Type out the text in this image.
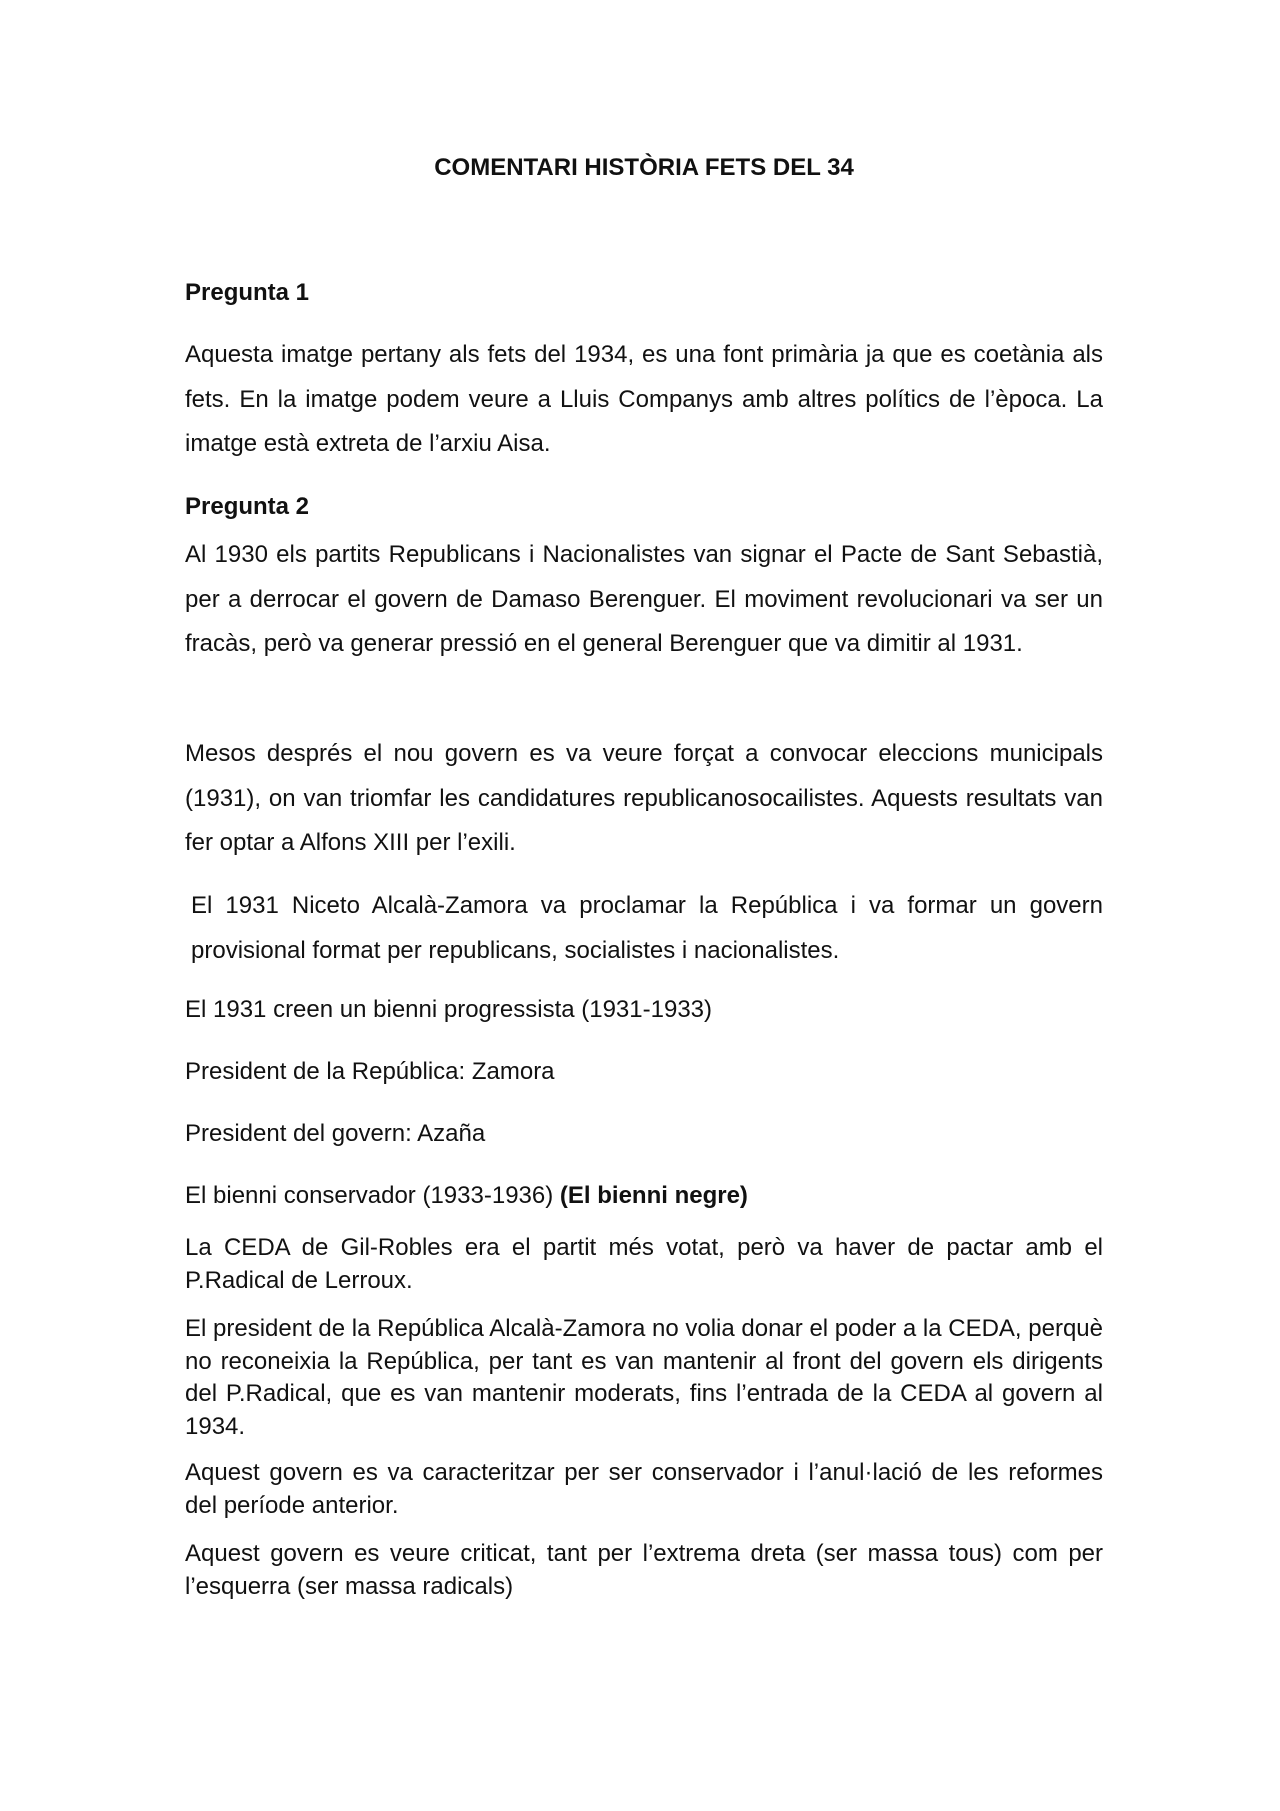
COMENTARI HISTÒRIA FETS DEL 34
Pregunta 1
Aquesta imatge pertany als fets del 1934, es una font primària ja que es coetània als fets. En la imatge podem veure a Lluis Companys amb altres polítics de l’època. La imatge està extreta de l’arxiu Aisa.
Pregunta 2
Al 1930 els partits Republicans i Nacionalistes van signar el Pacte de Sant Sebastià, per a derrocar el govern de Damaso Berenguer. El moviment revolucionari va ser un fracàs, però va generar pressió en el general Berenguer que va dimitir al 1931.
Mesos després el nou govern es va veure forçat a convocar eleccions municipals (1931), on van triomfar les candidatures republicanosocailistes. Aquests resultats van fer optar a Alfons XIII per l’exili.
El 1931 Niceto Alcalà-Zamora va proclamar la República i va formar un govern provisional format per republicans, socialistes i nacionalistes.
El 1931 creen un bienni progressista (1931-1933)
President de la República: Zamora
President del govern: Azaña
El bienni conservador (1933-1936) (El bienni negre)
La CEDA de Gil-Robles era el partit més votat, però va haver de pactar amb el P.Radical de Lerroux.
El president de la República Alcalà-Zamora no volia donar el poder a la CEDA, perquè no reconeixia la República, per tant es van mantenir al front del govern els dirigents del P.Radical, que es van mantenir moderats, fins l’entrada de la CEDA al govern al 1934.
Aquest govern es va caracteritzar per ser conservador i l’anul·lació de les reformes del període anterior.
Aquest govern es veure criticat, tant per l’extrema dreta (ser massa tous) com per l’esquerra (ser massa radicals)
